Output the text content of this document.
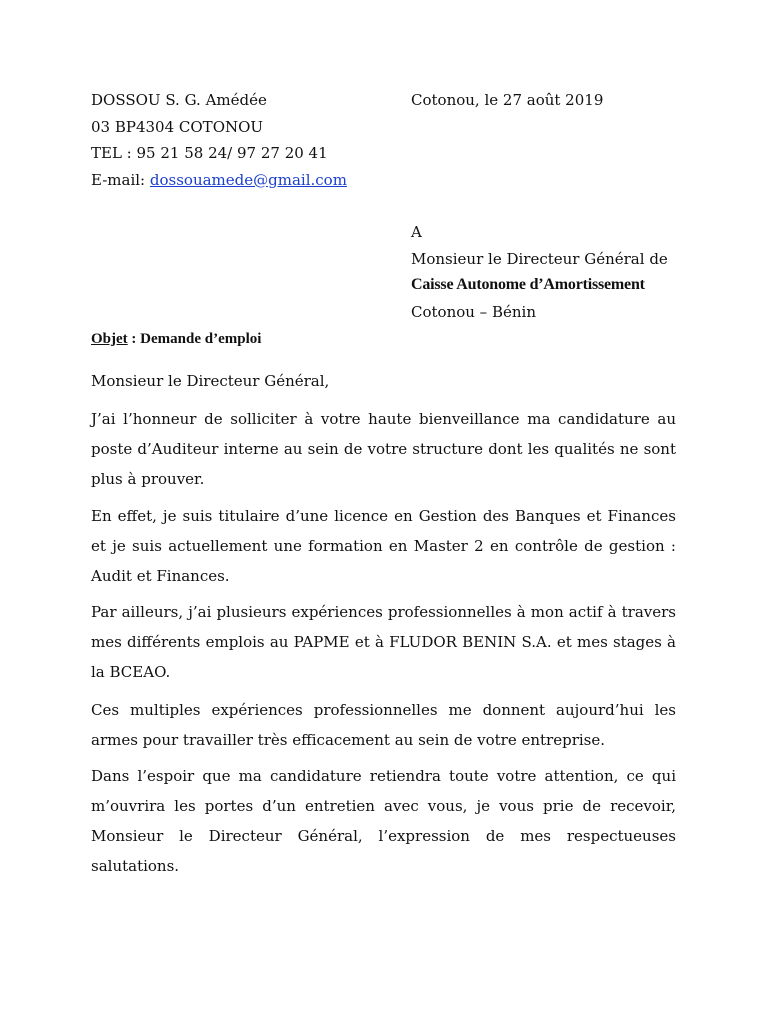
DOSSOU S. G. Amédée
03 BP4304 COTONOU
TEL : 95 21 58 24/ 97 27 20 41
E-mail: dossouamede@gmail.com
Cotonou, le 27 août 2019
A
Monsieur le Directeur Général de
Caisse Autonome d’Amortissement
Cotonou – Bénin
Objet : Demande d’emploi
Monsieur le Directeur Général,

J’ai l’honneur de solliciter à votre haute bienveillance ma candidature au poste d’Auditeur interne au sein de votre structure dont les qualités ne sont plus à prouver.

En effet, je suis titulaire d’une licence en Gestion des Banques et Finances et je suis actuellement une formation en Master 2 en contrôle de gestion : Audit et Finances.

Par ailleurs, j’ai plusieurs expériences professionnelles à mon actif à travers mes différents emplois au PAPME et à FLUDOR BENIN S.A. et mes stages à la BCEAO.

Ces multiples expériences professionnelles me donnent aujourd’hui les armes pour travailler très efficacement au sein de votre entreprise.

Dans l’espoir que ma candidature retiendra toute votre attention, ce qui m’ouvrira les portes d’un entretien avec vous, je vous prie de recevoir, Monsieur le Directeur Général, l’expression de mes respectueuses salutations.
